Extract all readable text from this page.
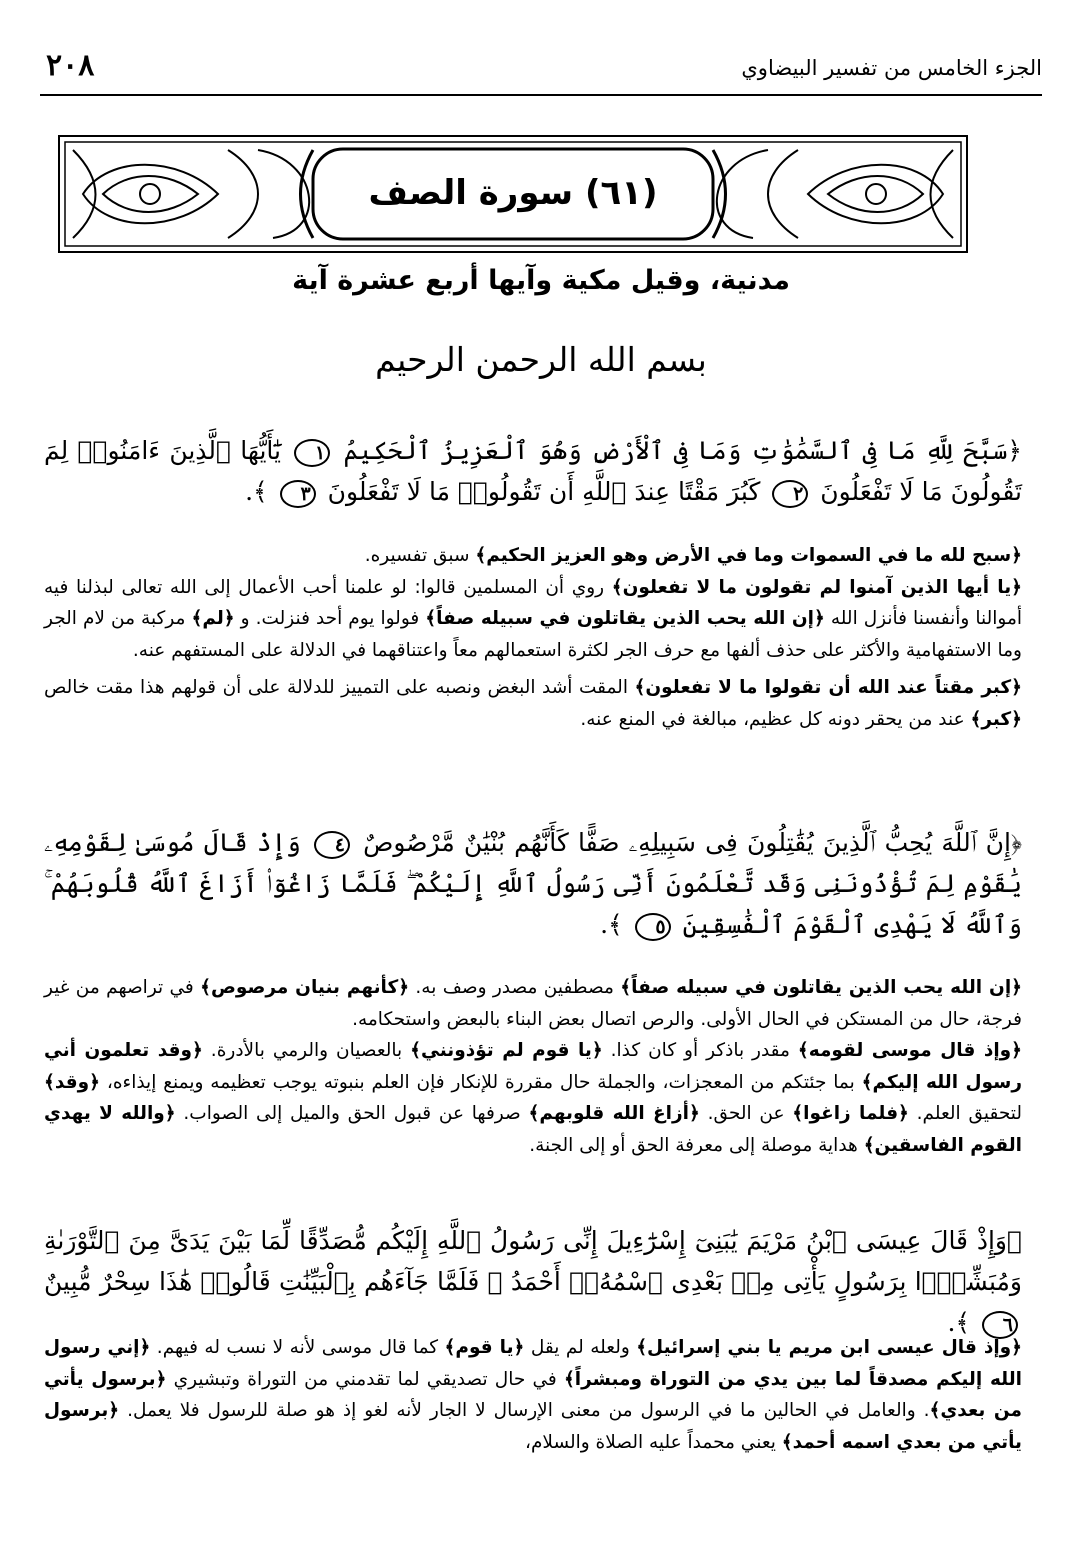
٢٠٨	الجزء الخامس من تفسير البيضاوي
(٦١) سورة الصف
مدنية، وقيل مكية وآيها أربع عشرة آية
بسم الله الرحمن الرحيم
﴿سَبَّحَ لِلَّهِ مَا فِى ٱلسَّمَٰوَٰتِ وَمَا فِى ٱلْأَرْضِ وَهُوَ ٱلْعَزِيزُ ٱلْحَكِيمُ ١ يَٰٓأَيُّهَا ٱلَّذِينَ ءَامَنُوا۟ لِمَ تَقُولُونَ مَا لَا تَفْعَلُونَ ٢ كَبُرَ مَقْتًا عِندَ ٱللَّهِ أَن تَقُولُوا۟ مَا لَا تَفْعَلُونَ ٣ ﴾.
﴿سبح لله ما في السموات وما في الأرض وهو العزيز الحكيم﴾ سبق تفسيره.
﴿يا أيها الذين آمنوا لم تقولون ما لا تفعلون﴾ روي أن المسلمين قالوا: لو علمنا أحب الأعمال إلى الله تعالى لبذلنا فيه أموالنا وأنفسنا فأنزل الله ﴿إن الله يحب الذين يقاتلون في سبيله صفاً﴾ فولوا يوم أحد فنزلت. و ﴿لم﴾ مركبة من لام الجر وما الاستفهامية والأكثر على حذف ألفها مع حرف الجر لكثرة استعمالهم معاً واعتناقهما في الدلالة على المستفهم عنه.
﴿كبر مقتاً عند الله أن تقولوا ما لا تفعلون﴾ المقت أشد البغض ونصبه على التمييز للدلالة على أن قولهم هذا مقت خالص ﴿كبر﴾ عند من يحقر دونه كل عظيم، مبالغة في المنع عنه.
﴿إِنَّ ٱللَّهَ يُحِبُّ ٱلَّذِينَ يُقَٰتِلُونَ فِى سَبِيلِهِۦ صَفًّا كَأَنَّهُم بُنْيَٰنٌ مَّرْصُوصٌ ٤ وَإِذْ قَالَ مُوسَىٰ لِقَوْمِهِۦ يَٰقَوْمِ لِمَ تُؤْذُونَنِى وَقَد تَّعْلَمُونَ أَنِّى رَسُولُ ٱللَّهِ إِلَيْكُمْ ۖ فَلَمَّا زَاغُوٓا۟ أَزَاغَ ٱللَّهُ قُلُوبَهُمْ ۚ وَٱللَّهُ لَا يَهْدِى ٱلْقَوْمَ ٱلْفَٰسِقِينَ ٥ ﴾.
﴿إن الله يحب الذين يقاتلون في سبيله صفاً﴾ مصطفين مصدر وصف به. ﴿كأنهم بنيان مرصوص﴾ في تراصهم من غير فرجة، حال من المستكن في الحال الأولى. والرص اتصال بعض البناء بالبعض واستحكامه.
﴿وإذ قال موسى لقومه﴾ مقدر باذكر أو كان كذا. ﴿يا قوم لم تؤذونني﴾ بالعصيان والرمي بالأدرة. ﴿وقد تعلمون أني رسول الله إليكم﴾ بما جئتكم من المعجزات، والجملة حال مقررة للإنكار فإن العلم بنبوته يوجب تعظيمه ويمنع إيذاءه، ﴿وقد﴾ لتحقيق العلم. ﴿فلما زاغوا﴾ عن الحق. ﴿أزاغ الله قلوبهم﴾ صرفها عن قبول الحق والميل إلى الصواب. ﴿والله لا يهدي القوم الفاسقين﴾ هداية موصلة إلى معرفة الحق أو إلى الجنة.
﴿وَإِذْ قَالَ عِيسَى ٱبْنُ مَرْيَمَ يَٰبَنِىٓ إِسْرَٰٓءِيلَ إِنِّى رَسُولُ ٱللَّهِ إِلَيْكُم مُّصَدِّقًا لِّمَا بَيْنَ يَدَىَّ مِنَ ٱلتَّوْرَىٰةِ وَمُبَشِّرًۢا بِرَسُولٍ يَأْتِى مِنۢ بَعْدِى ٱسْمُهُۥٓ أَحْمَدُ ۖ فَلَمَّا جَآءَهُم بِٱلْبَيِّنَٰتِ قَالُوا۟ هَٰذَا سِحْرٌ مُّبِينٌ ٦ ﴾.
﴿وإذ قال عيسى ابن مريم يا بني إسرائيل﴾ ولعله لم يقل ﴿يا قوم﴾ كما قال موسى لأنه لا نسب له فيهم. ﴿إني رسول الله إليكم مصدقاً لما بين يدي من التوراة ومبشراً﴾ في حال تصديقي لما تقدمني من التوراة وتبشيري ﴿برسول يأتي من بعدي﴾. والعامل في الحالين ما في الرسول من معنى الإرسال لا الجار لأنه لغو إذ هو صلة للرسول فلا يعمل. ﴿برسول يأتي من بعدي اسمه أحمد﴾ يعني محمداً عليه الصلاة والسلام،
